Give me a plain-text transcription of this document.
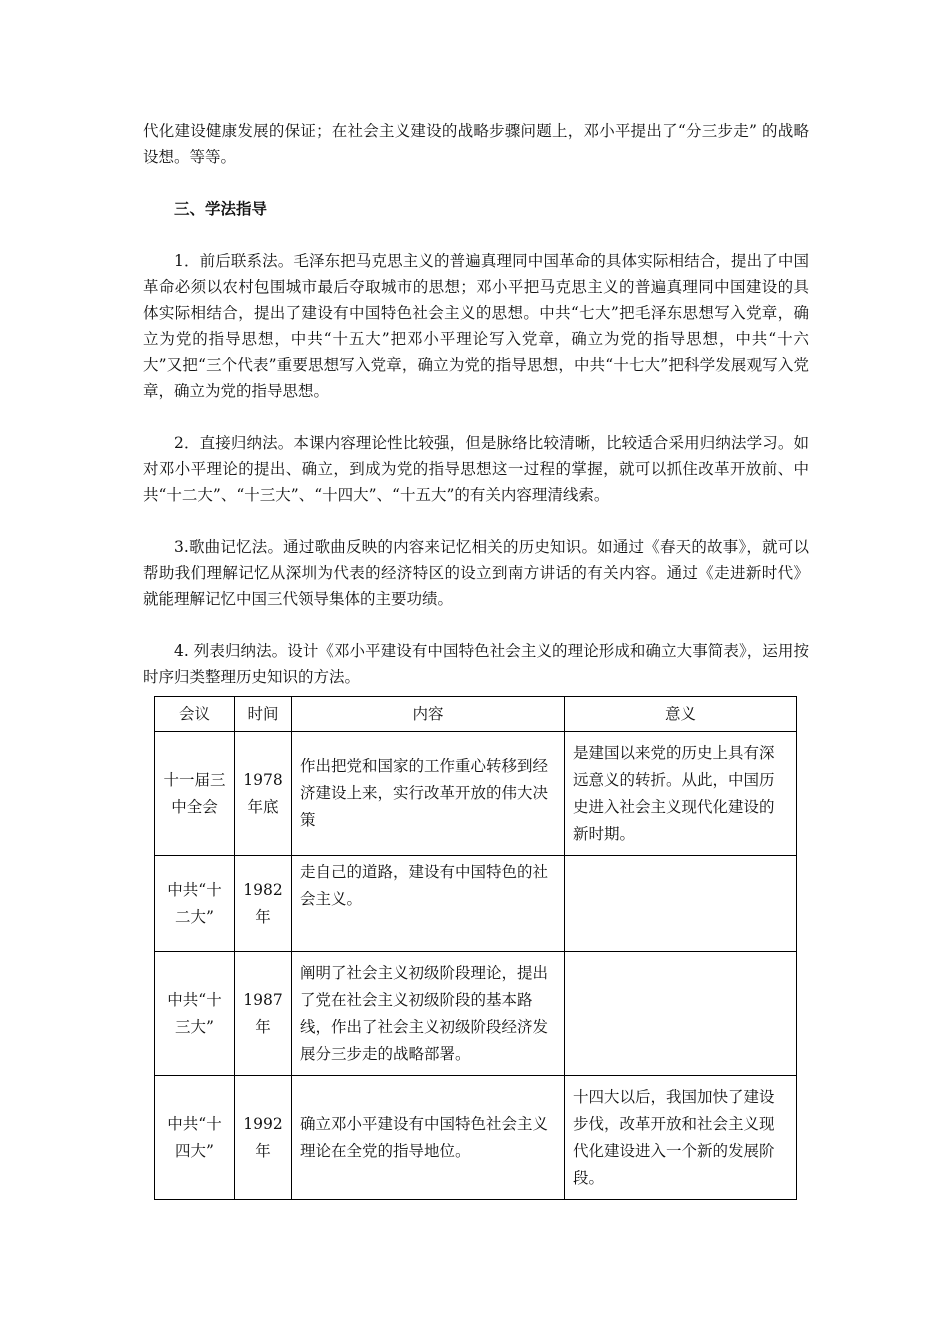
代化建设健康发展的保证；在社会主义建设的战略步骤问题上，邓小平提出了“分三步走” 的战略设想。等等。

三、学法指导

1．前后联系法。毛泽东把马克思主义的普遍真理同中国革命的具体实际相结合，提出了中国革命必须以农村包围城市最后夺取城市的思想；邓小平把马克思主义的普遍真理同中国建设的具体实际相结合，提出了建设有中国特色社会主义的思想。中共“七大”把毛泽东思想写入党章，确立为党的指导思想，中共“十五大”把邓小平理论写入党章，确立为党的指导思想，中共“十六大”又把“三个代表”重要思想写入党章，确立为党的指导思想，中共“十七大”把科学发展观写入党章，确立为党的指导思想。

2．直接归纳法。本课内容理论性比较强，但是脉络比较清晰，比较适合采用归纳法学习。如对邓小平理论的提出、确立，到成为党的指导思想这一过程的掌握，就可以抓住改革开放前、中共“十二大”、“十三大”、“十四大”、“十五大”的有关内容理清线索。

3.歌曲记忆法。通过歌曲反映的内容来记忆相关的历史知识。如通过《春天的故事》，就可以帮助我们理解记忆从深圳为代表的经济特区的设立到南方讲话的有关内容。通过《走进新时代》就能理解记忆中国三代领导集体的主要功绩。

4. 列表归纳法。设计《邓小平建设有中国特色社会主义的理论形成和确立大事简表》，运用按时序归类整理历史知识的方法。

会议	时间	内容	意义
十一届三中全会	1978年底	作出把党和国家的工作重心转移到经济建设上来，实行改革开放的伟大决策	是建国以来党的历史上具有深远意义的转折。从此，中国历史进入社会主义现代化建设的新时期。
中共“十二大”	1982年	走自己的道路，建设有中国特色的社会主义。	
中共“十三大”	1987年	阐明了社会主义初级阶段理论，提出了党在社会主义初级阶段的基本路线，作出了社会主义初级阶段经济发展分三步走的战略部署。	
中共“十四大”	1992年	确立邓小平建设有中国特色社会主义理论在全党的指导地位。	十四大以后，我国加快了建设步伐，改革开放和社会主义现代化建设进入一个新的发展阶段。
